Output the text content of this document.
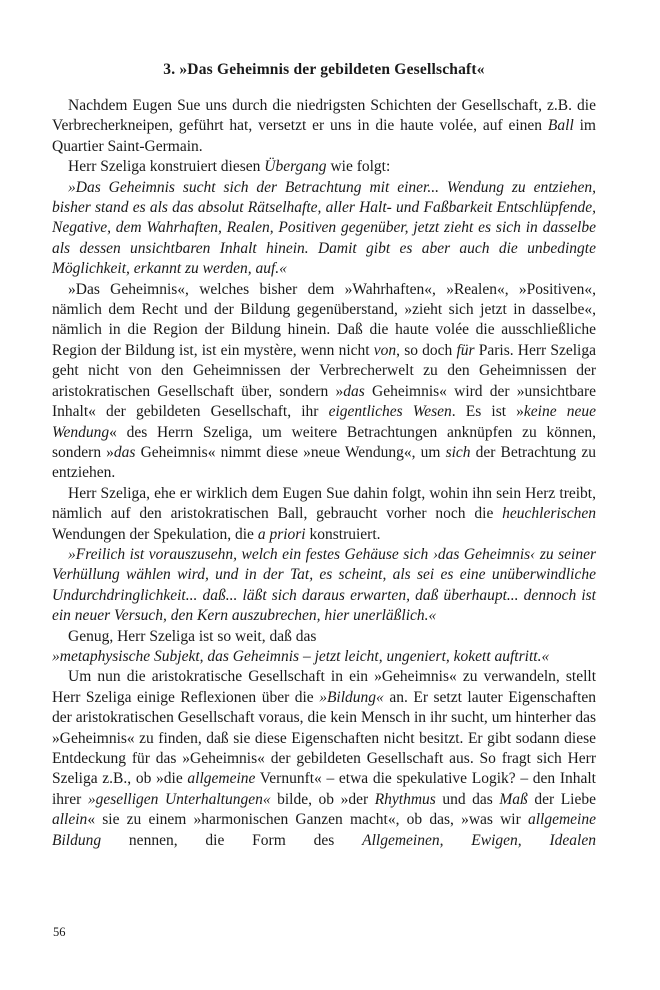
3. »Das Geheimnis der gebildeten Gesellschaft«

Nachdem Eugen Sue uns durch die niedrigsten Schichten der Gesellschaft, z.B. die Verbrecherkneipen, geführt hat, versetzt er uns in die haute volée, auf einen Ball im Quartier Saint-Germain.

Herr Szeliga konstruiert diesen Übergang wie folgt:

»Das Geheimnis sucht sich der Betrachtung mit einer... Wendung zu entziehen, bisher stand es als das absolut Rätselhafte, aller Halt- und Faßbarkeit Entschlüpfende, Negative, dem Wahrhaften, Realen, Positiven gegenüber, jetzt zieht es sich in dasselbe als dessen unsichtbaren Inhalt hinein. Damit gibt es aber auch die unbedingte Möglichkeit, erkannt zu werden, auf.«

»Das Geheimnis«, welches bisher dem »Wahrhaften«, »Realen«, »Positiven«, nämlich dem Recht und der Bildung gegenüberstand, »zieht sich jetzt in dasselbe«, nämlich in die Region der Bildung hinein. Daß die haute volée die ausschließliche Region der Bildung ist, ist ein mystère, wenn nicht von, so doch für Paris. Herr Szeliga geht nicht von den Geheimnissen der Verbrecherwelt zu den Geheimnissen der aristokratischen Gesellschaft über, sondern »das Geheimnis« wird der »unsichtbare Inhalt« der gebildeten Gesellschaft, ihr eigentliches Wesen. Es ist »keine neue Wendung« des Herrn Szeliga, um weitere Betrachtungen anknüpfen zu können, sondern »das Geheimnis« nimmt diese »neue Wendung«, um sich der Betrachtung zu entziehen.

Herr Szeliga, ehe er wirklich dem Eugen Sue dahin folgt, wohin ihn sein Herz treibt, nämlich auf den aristokratischen Ball, gebraucht vorher noch die heuchlerischen Wendungen der Spekulation, die a priori konstruiert.

»Freilich ist vorauszusehn, welch ein festes Gehäuse sich ›das Geheimnis‹ zu seiner Verhüllung wählen wird, und in der Tat, es scheint, als sei es eine unüberwindliche Undurchdringlichkeit... daß... läßt sich daraus erwarten, daß überhaupt... dennoch ist ein neuer Versuch, den Kern auszubrechen, hier unerläßlich.«

Genug, Herr Szeliga ist so weit, daß das

»metaphysische Subjekt, das Geheimnis – jetzt leicht, ungeniert, kokett auftritt.«

Um nun die aristokratische Gesellschaft in ein »Geheimnis« zu verwandeln, stellt Herr Szeliga einige Reflexionen über die »Bildung« an. Er setzt lauter Eigenschaften der aristokratischen Gesellschaft voraus, die kein Mensch in ihr sucht, um hinterher das »Geheimnis« zu finden, daß sie diese Eigenschaften nicht besitzt. Er gibt sodann diese Entdeckung für das »Geheimnis« der gebildeten Gesellschaft aus. So fragt sich Herr Szeliga z.B., ob »die allgemeine Vernunft« – etwa die spekulative Logik? – den Inhalt ihrer »geselligen Unterhaltungen« bilde, ob »der Rhythmus und das Maß der Liebe allein« sie zu einem »harmonischen Ganzen macht«, ob das, »was wir allgemeine Bildung nennen, die Form des Allgemeinen, Ewigen, Idealen

56
